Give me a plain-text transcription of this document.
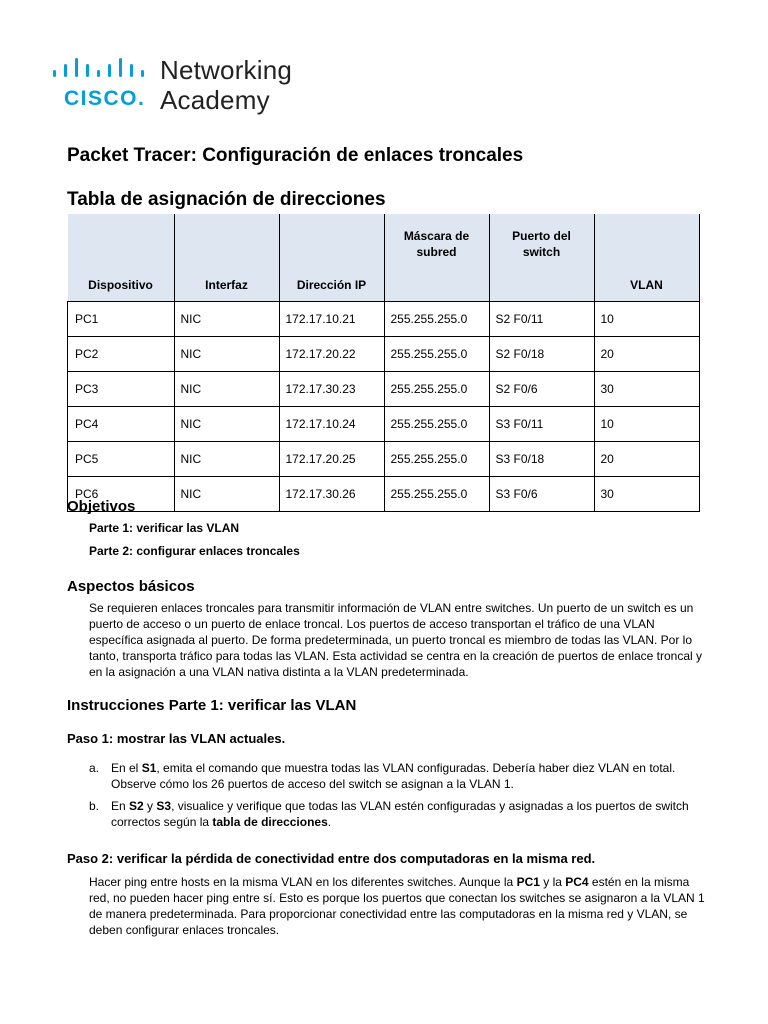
CISCO.
Networking
Academy
Packet Tracer: Configuración de enlaces troncales
Tabla de asignación de direcciones
Dispositivo	Interfaz	Dirección IP	Máscara de subred	Puerto del switch	VLAN
PC1	NIC	172.17.10.21	255.255.255.0	S2 F0/11	10
PC2	NIC	172.17.20.22	255.255.255.0	S2 F0/18	20
PC3	NIC	172.17.30.23	255.255.255.0	S2 F0/6	30
PC4	NIC	172.17.10.24	255.255.255.0	S3 F0/11	10
PC5	NIC	172.17.20.25	255.255.255.0	S3 F0/18	20
PC6	NIC	172.17.30.26	255.255.255.0	S3 F0/6	30
Objetivos
Parte 1: verificar las VLAN
Parte 2: configurar enlaces troncales
Aspectos básicos
Se requieren enlaces troncales para transmitir información de VLAN entre switches. Un puerto de un switch es un puerto de acceso o un puerto de enlace troncal. Los puertos de acceso transportan el tráfico de una VLAN específica asignada al puerto. De forma predeterminada, un puerto troncal es miembro de todas las VLAN. Por lo tanto, transporta tráfico para todas las VLAN. Esta actividad se centra en la creación de puertos de enlace troncal y en la asignación a una VLAN nativa distinta a la VLAN predeterminada.
Instrucciones Parte 1: verificar las VLAN
Paso 1: mostrar las VLAN actuales.
a. En el S1, emita el comando que muestra todas las VLAN configuradas. Debería haber diez VLAN en total. Observe cómo los 26 puertos de acceso del switch se asignan a la VLAN 1.
b. En S2 y S3, visualice y verifique que todas las VLAN estén configuradas y asignadas a los puertos de switch correctos según la tabla de direcciones.
Paso 2: verificar la pérdida de conectividad entre dos computadoras en la misma red.
Hacer ping entre hosts en la misma VLAN en los diferentes switches. Aunque la PC1 y la PC4 estén en la misma red, no pueden hacer ping entre sí. Esto es porque los puertos que conectan los switches se asignaron a la VLAN 1 de manera predeterminada. Para proporcionar conectividad entre las computadoras en la misma red y VLAN, se deben configurar enlaces troncales.
